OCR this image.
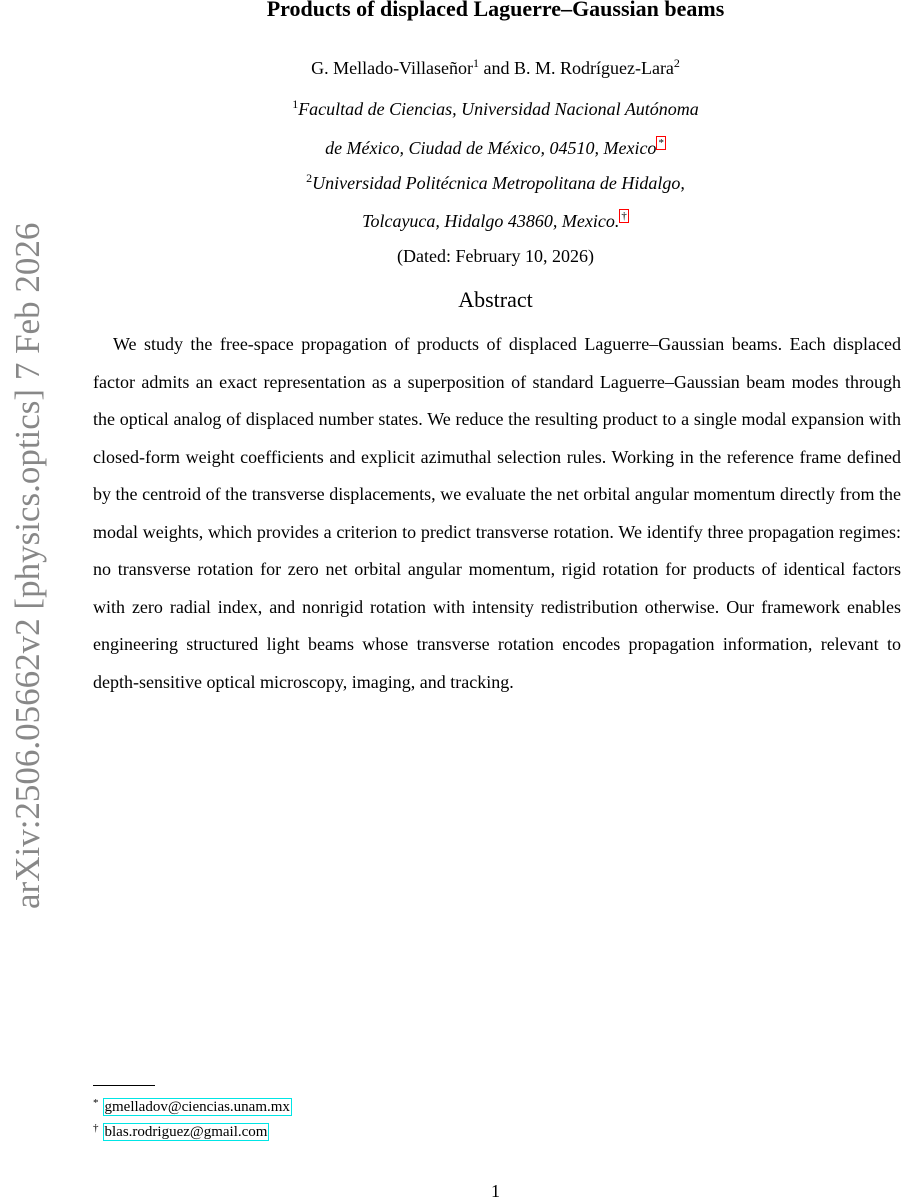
arXiv:2506.05662v2 [physics.optics] 7 Feb 2026
Products of displaced Laguerre–Gaussian beams
G. Mellado-Villaseñor$^1$ and B. M. Rodríguez-Lara$^2$
$^1$Facultad de Ciencias, Universidad Nacional Autónoma
de México, Ciudad de México, 04510, Mexico *
$^2$Universidad Politécnica Metropolitana de Hidalgo,
Tolcayuca, Hidalgo 43860, Mexico. †
(Dated: February 10, 2026)
Abstract
We study the free-space propagation of products of displaced Laguerre–Gaussian beams. Each displaced factor admits an exact representation as a superposition of standard Laguerre–Gaussian beam modes through the optical analog of displaced number states. We reduce the resulting product to a single modal expansion with closed-form weight coefficients and explicit azimuthal selection rules. Working in the reference frame defined by the centroid of the transverse displacements, we evaluate the net orbital angular momentum directly from the modal weights, which provides a criterion to predict transverse rotation. We identify three propagation regimes: no transverse rotation for zero net orbital angular momentum, rigid rotation for products of identical factors with zero radial index, and nonrigid rotation with intensity redistribution otherwise. Our framework enables engineering structured light beams whose transverse rotation encodes propagation information, relevant to depth-sensitive optical microscopy, imaging, and tracking.
* gmelladov@ciencias.unam.mx
† blas.rodriguez@gmail.com
1
